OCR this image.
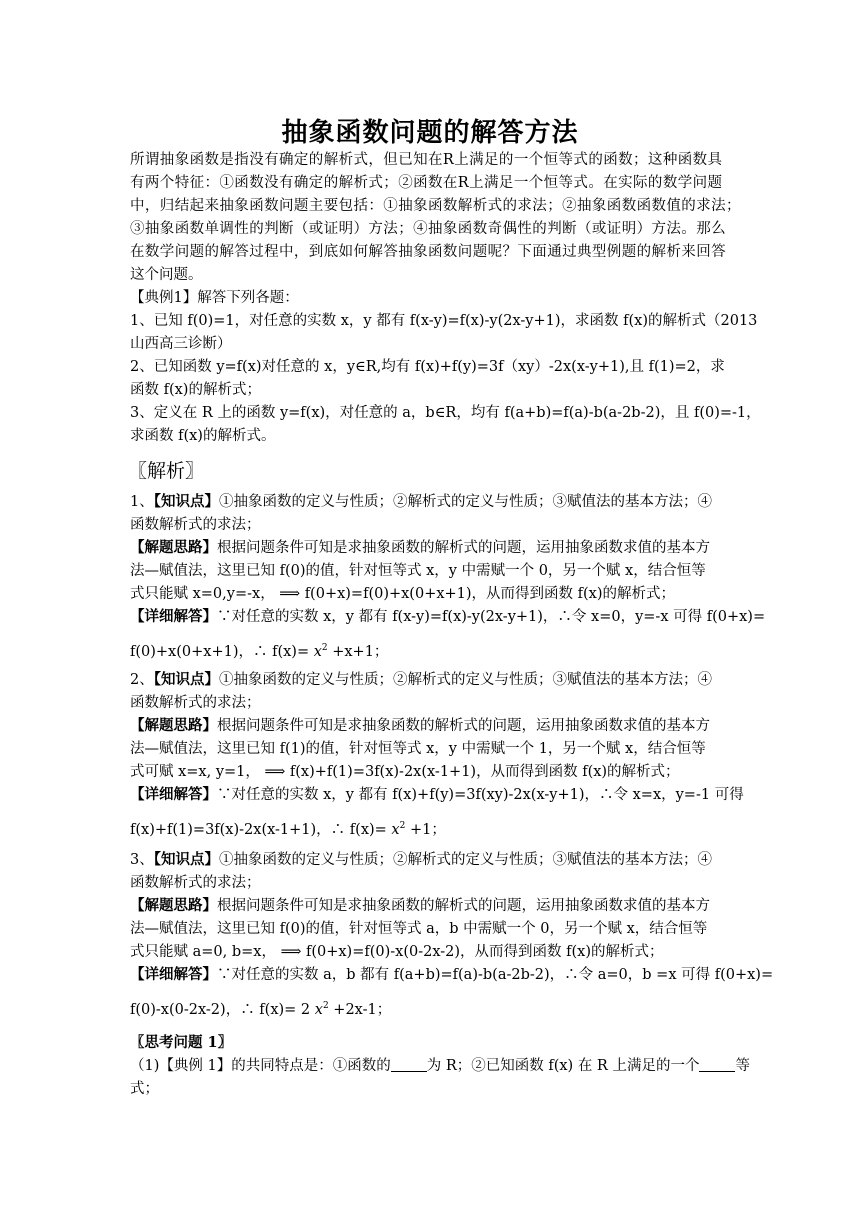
抽象函数问题的解答方法
所谓抽象函数是指没有确定的解析式，但已知在R上满足的一个恒等式的函数；这种函数具
有两个特征：①函数没有确定的解析式；②函数在R上满足一个恒等式。在实际的数学问题
中，归结起来抽象函数问题主要包括：①抽象函数解析式的求法；②抽象函数函数值的求法；
③抽象函数单调性的判断（或证明）方法；④抽象函数奇偶性的判断（或证明）方法。那么
在数学问题的解答过程中，到底如何解答抽象函数问题呢？下面通过典型例题的解析来回答
这个问题。
【典例1】解答下列各题：
1、已知 f(0)=1，对任意的实数 x，y 都有 f(x-y)=f(x)-y(2x-y+1)，求函数 f(x)的解析式（2013
山西高三诊断）
2、已知函数 y=f(x)对任意的 x，y∈R,均有 f(x)+f(y)=3f（xy）-2x(x-y+1),且 f(1)=2，求
函数 f(x)的解析式；
3、定义在 R 上的函数 y=f(x)，对任意的 a，b∈R，均有 f(a+b)=f(a)-b(a-2b-2)，且 f(0)=-1，
求函数 f(x)的解析式。
〖解析〗
1、【知识点】①抽象函数的定义与性质；②解析式的定义与性质；③赋值法的基本方法；④
函数解析式的求法；
【解题思路】根据问题条件可知是求抽象函数的解析式的问题，运用抽象函数求值的基本方
法—赋值法，这里已知 f(0)的值，针对恒等式 x，y 中需赋一个 0，另一个赋 x，结合恒等
式只能赋 x=0,y=-x， ⟹ f(0+x)=f(0)+x(0+x+1)，从而得到函数 f(x)的解析式；
【详细解答】∵对任意的实数 x，y 都有 f(x-y)=f(x)-y(2x-y+1)，∴令 x=0，y=-x 可得 f(0+x)=
f(0)+x(0+x+1)，∴ $f(x)= x^2 +x+1$；
2、【知识点】①抽象函数的定义与性质；②解析式的定义与性质；③赋值法的基本方法；④
函数解析式的求法；
【解题思路】根据问题条件可知是求抽象函数的解析式的问题，运用抽象函数求值的基本方
法—赋值法，这里已知 f(1)的值，针对恒等式 x，y 中需赋一个 1，另一个赋 x，结合恒等
式可赋 x=x, y=1， ⟹ f(x)+f(1)=3f(x)-2x(x-1+1)，从而得到函数 f(x)的解析式；
【详细解答】∵对任意的实数 x，y 都有 f(x)+f(y)=3f(xy)-2x(x-y+1)，∴令 x=x，y=-1 可得
f(x)+f(1)=3f(x)-2x(x-1+1)，∴ $f(x)= x^2 +1$；
3、【知识点】①抽象函数的定义与性质；②解析式的定义与性质；③赋值法的基本方法；④
函数解析式的求法；
【解题思路】根据问题条件可知是求抽象函数的解析式的问题，运用抽象函数求值的基本方
法—赋值法，这里已知 f(0)的值，针对恒等式 a，b 中需赋一个 0，另一个赋 x，结合恒等
式只能赋 a=0, b=x， ⟹ f(0+x)=f(0)-x(0-2x-2)，从而得到函数 f(x)的解析式；
【详细解答】∵对任意的实数 a，b 都有 f(a+b)=f(a)-b(a-2b-2)，∴令 a=0，b =x 可得 f(0+x)=
f(0)-x(0-2x-2)，∴ f(x)= 2 $x^2 +2x-1$；
〖思考问题 1〗
（1)【典例 1】的共同特点是：①函数的 为 R；②已知函数 f(x) 在 R 上满足的一个 等
式；
